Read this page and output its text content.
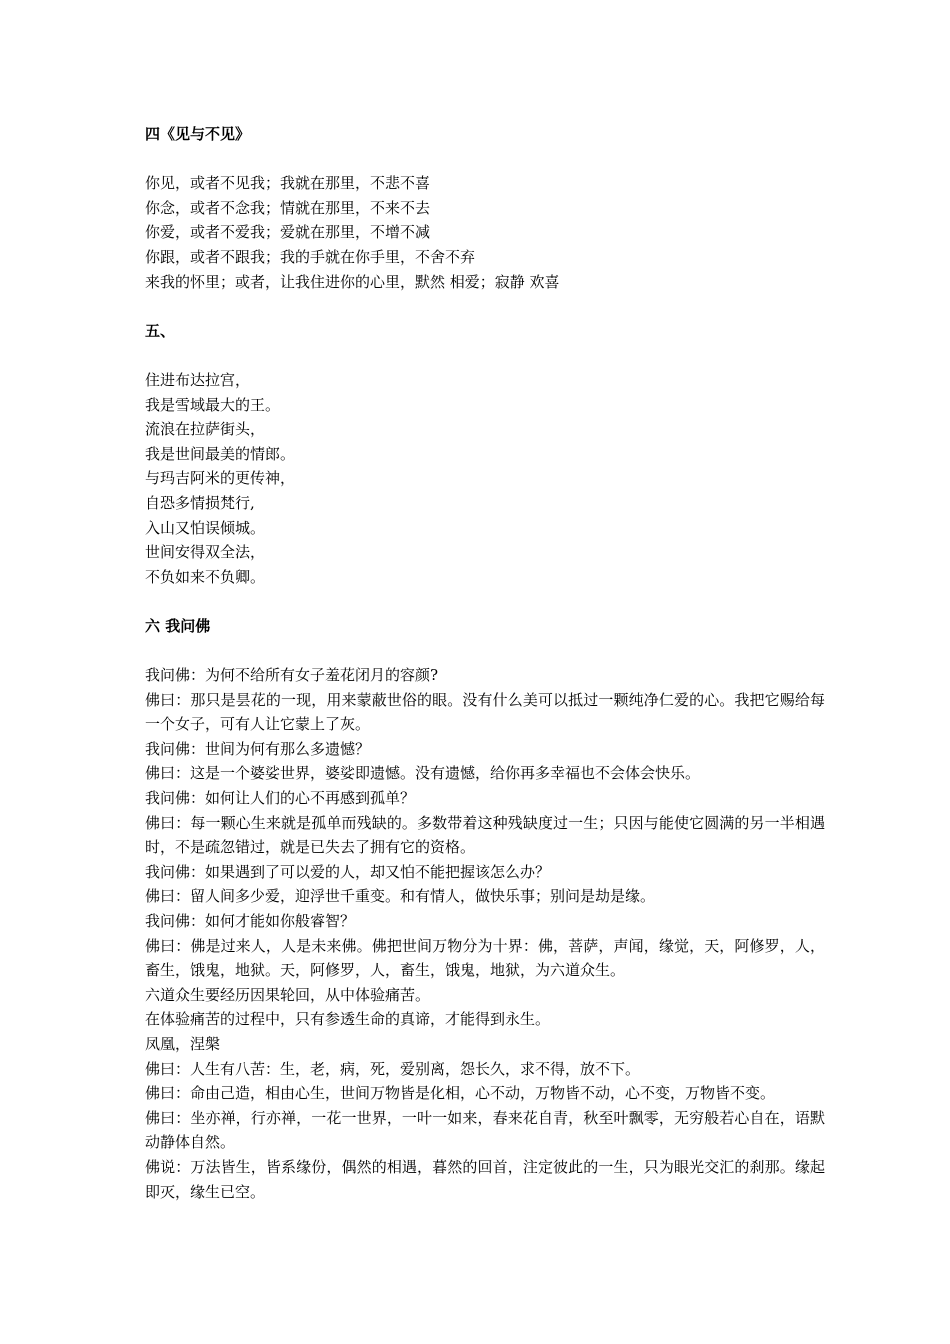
四《见与不见》

你见，或者不见我；我就在那里，不悲不喜

你念，或者不念我；情就在那里，不来不去

你爱，或者不爱我；爱就在那里，不增不减

你跟，或者不跟我；我的手就在你手里，不舍不弃

来我的怀里；或者，让我住进你的心里，默然 相爱；寂静 欢喜

五、

住进布达拉宫，

我是雪域最大的王。

流浪在拉萨街头，

我是世间最美的情郎。

与玛吉阿米的更传神，

自恐多情损梵行,

入山又怕误倾城。

世间安得双全法，

不负如来不负卿。

六 我问佛

我问佛：为何不给所有女子羞花闭月的容颜?

佛曰：那只是昙花的一现，用来蒙蔽世俗的眼。没有什么美可以抵过一颗纯净仁爱的心。我把它赐给每一个女子，可有人让它蒙上了灰。

我问佛：世间为何有那么多遗憾？

佛曰：这是一个婆娑世界，婆娑即遗憾。没有遗憾，给你再多幸福也不会体会快乐。

我问佛：如何让人们的心不再感到孤单？

佛曰：每一颗心生来就是孤单而残缺的。多数带着这种残缺度过一生；只因与能使它圆满的另一半相遇时，不是疏忽错过，就是已失去了拥有它的资格。

我问佛：如果遇到了可以爱的人，却又怕不能把握该怎么办？

佛曰：留人间多少爱，迎浮世千重变。和有情人，做快乐事；别问是劫是缘。

我问佛：如何才能如你般睿智？

佛曰：佛是过来人，人是未来佛。佛把世间万物分为十界：佛，菩萨，声闻，缘觉，天，阿修罗，人，畜生，饿鬼，地狱。天，阿修罗，人，畜生，饿鬼，地狱，为六道众生。

六道众生要经历因果轮回，从中体验痛苦。

在体验痛苦的过程中，只有参透生命的真谛，才能得到永生。

凤凰，涅槃

佛曰：人生有八苦：生，老，病，死，爱别离，怨长久，求不得，放不下。

佛曰：命由己造，相由心生，世间万物皆是化相，心不动，万物皆不动，心不变，万物皆不变。

佛曰：坐亦禅，行亦禅，一花一世界，一叶一如来，春来花自青，秋至叶飘零，无穷般若心自在，语默动静体自然。

佛说：万法皆生，皆系缘份，偶然的相遇，暮然的回首，注定彼此的一生，只为眼光交汇的刹那。缘起即灭，缘生已空。
